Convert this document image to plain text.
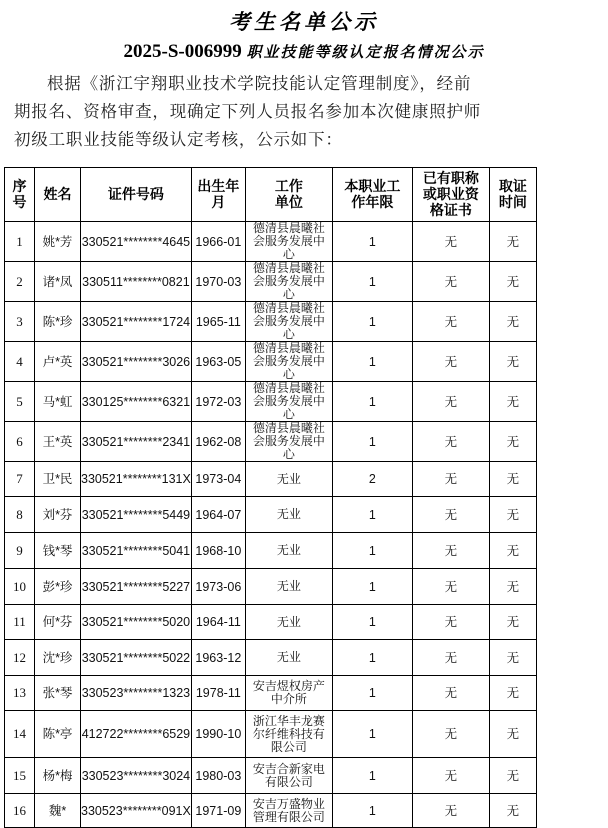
考生名单公示
2025-S-006999 职业技能等级认定报名情况公示
根据《浙江宇翔职业技术学院技能认定管理制度》，经前期报名、资格审查，现确定下列人员报名参加本次健康照护师 初级工职业技能等级认定考核，公示如下：
序号	姓名	证件号码	出生年月	工作单位	本职业工作年限	已有职称或职业资格证书	取证时间
1	姚*芳	330521********4645	1966-01	德清县晨曦社会服务发展中心	1	无	无
2	诸*凤	330511********0821	1970-03	德清县晨曦社会服务发展中心	1	无	无
3	陈*珍	330521********1724	1965-11	德清县晨曦社会服务发展中心	1	无	无
4	卢*英	330521********3026	1963-05	德清县晨曦社会服务发展中心	1	无	无
5	马*虹	330125********6321	1972-03	德清县晨曦社会服务发展中心	1	无	无
6	王*英	330521********2341	1962-08	德清县晨曦社会服务发展中心	1	无	无
7	卫*民	330521********131X	1973-04	无业	2	无	无
8	刘*芬	330521********5449	1964-07	无业	1	无	无
9	钱*琴	330521********5041	1968-10	无业	1	无	无
10	彭*珍	330521********5227	1973-06	无业	1	无	无
11	何*芬	330521********5020	1964-11	无业	1	无	无
12	沈*珍	330521********5022	1963-12	无业	1	无	无
13	张*琴	330523********1323	1978-11	安吉煜权房产中介所	1	无	无
14	陈*亭	412722********6529	1990-10	浙江华丰龙赛尔纤维科技有限公司	1	无	无
15	杨*梅	330523********3024	1980-03	安吉合新家电有限公司	1	无	无
16	魏*	330523********091X	1971-09	安吉万盛物业管理有限公司	1	无	无
